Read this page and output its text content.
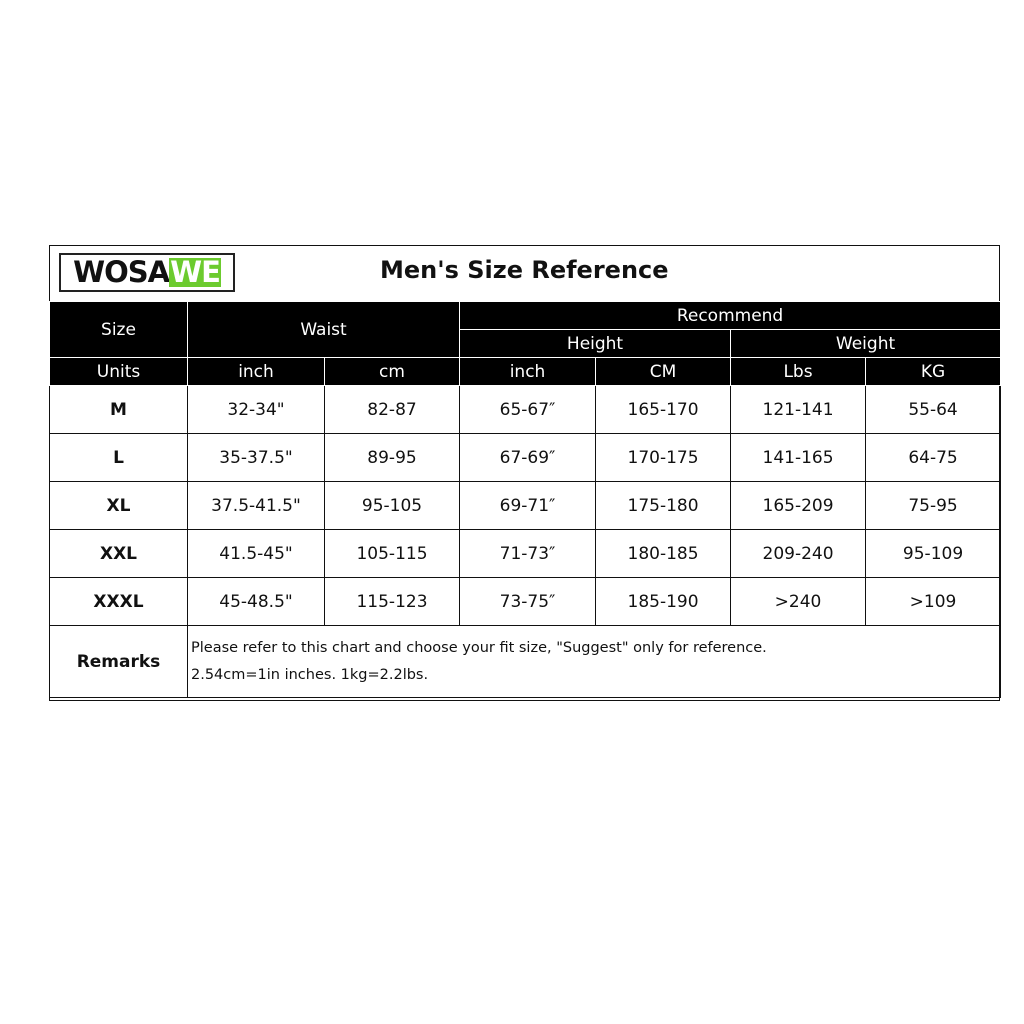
WOSA WE	Men's Size Reference
Size	Waist		Recommend			
			Height		Weight	
Units	inch	cm	inch	CM	Lbs	KG
M	32-34"	82-87	65-67″	165-170	121-141	55-64
L	35-37.5"	89-95	67-69″	170-175	141-165	64-75
XL	37.5-41.5"	95-105	69-71″	175-180	165-209	75-95
XXL	41.5-45"	105-115	71-73″	180-185	209-240	95-109
XXXL	45-48.5"	115-123	73-75″	185-190	>240	>109
Remarks	Please refer to this chart and choose your fit size, "Suggest" only for reference.
2.54cm=1in inches. 1kg=2.2lbs.					
